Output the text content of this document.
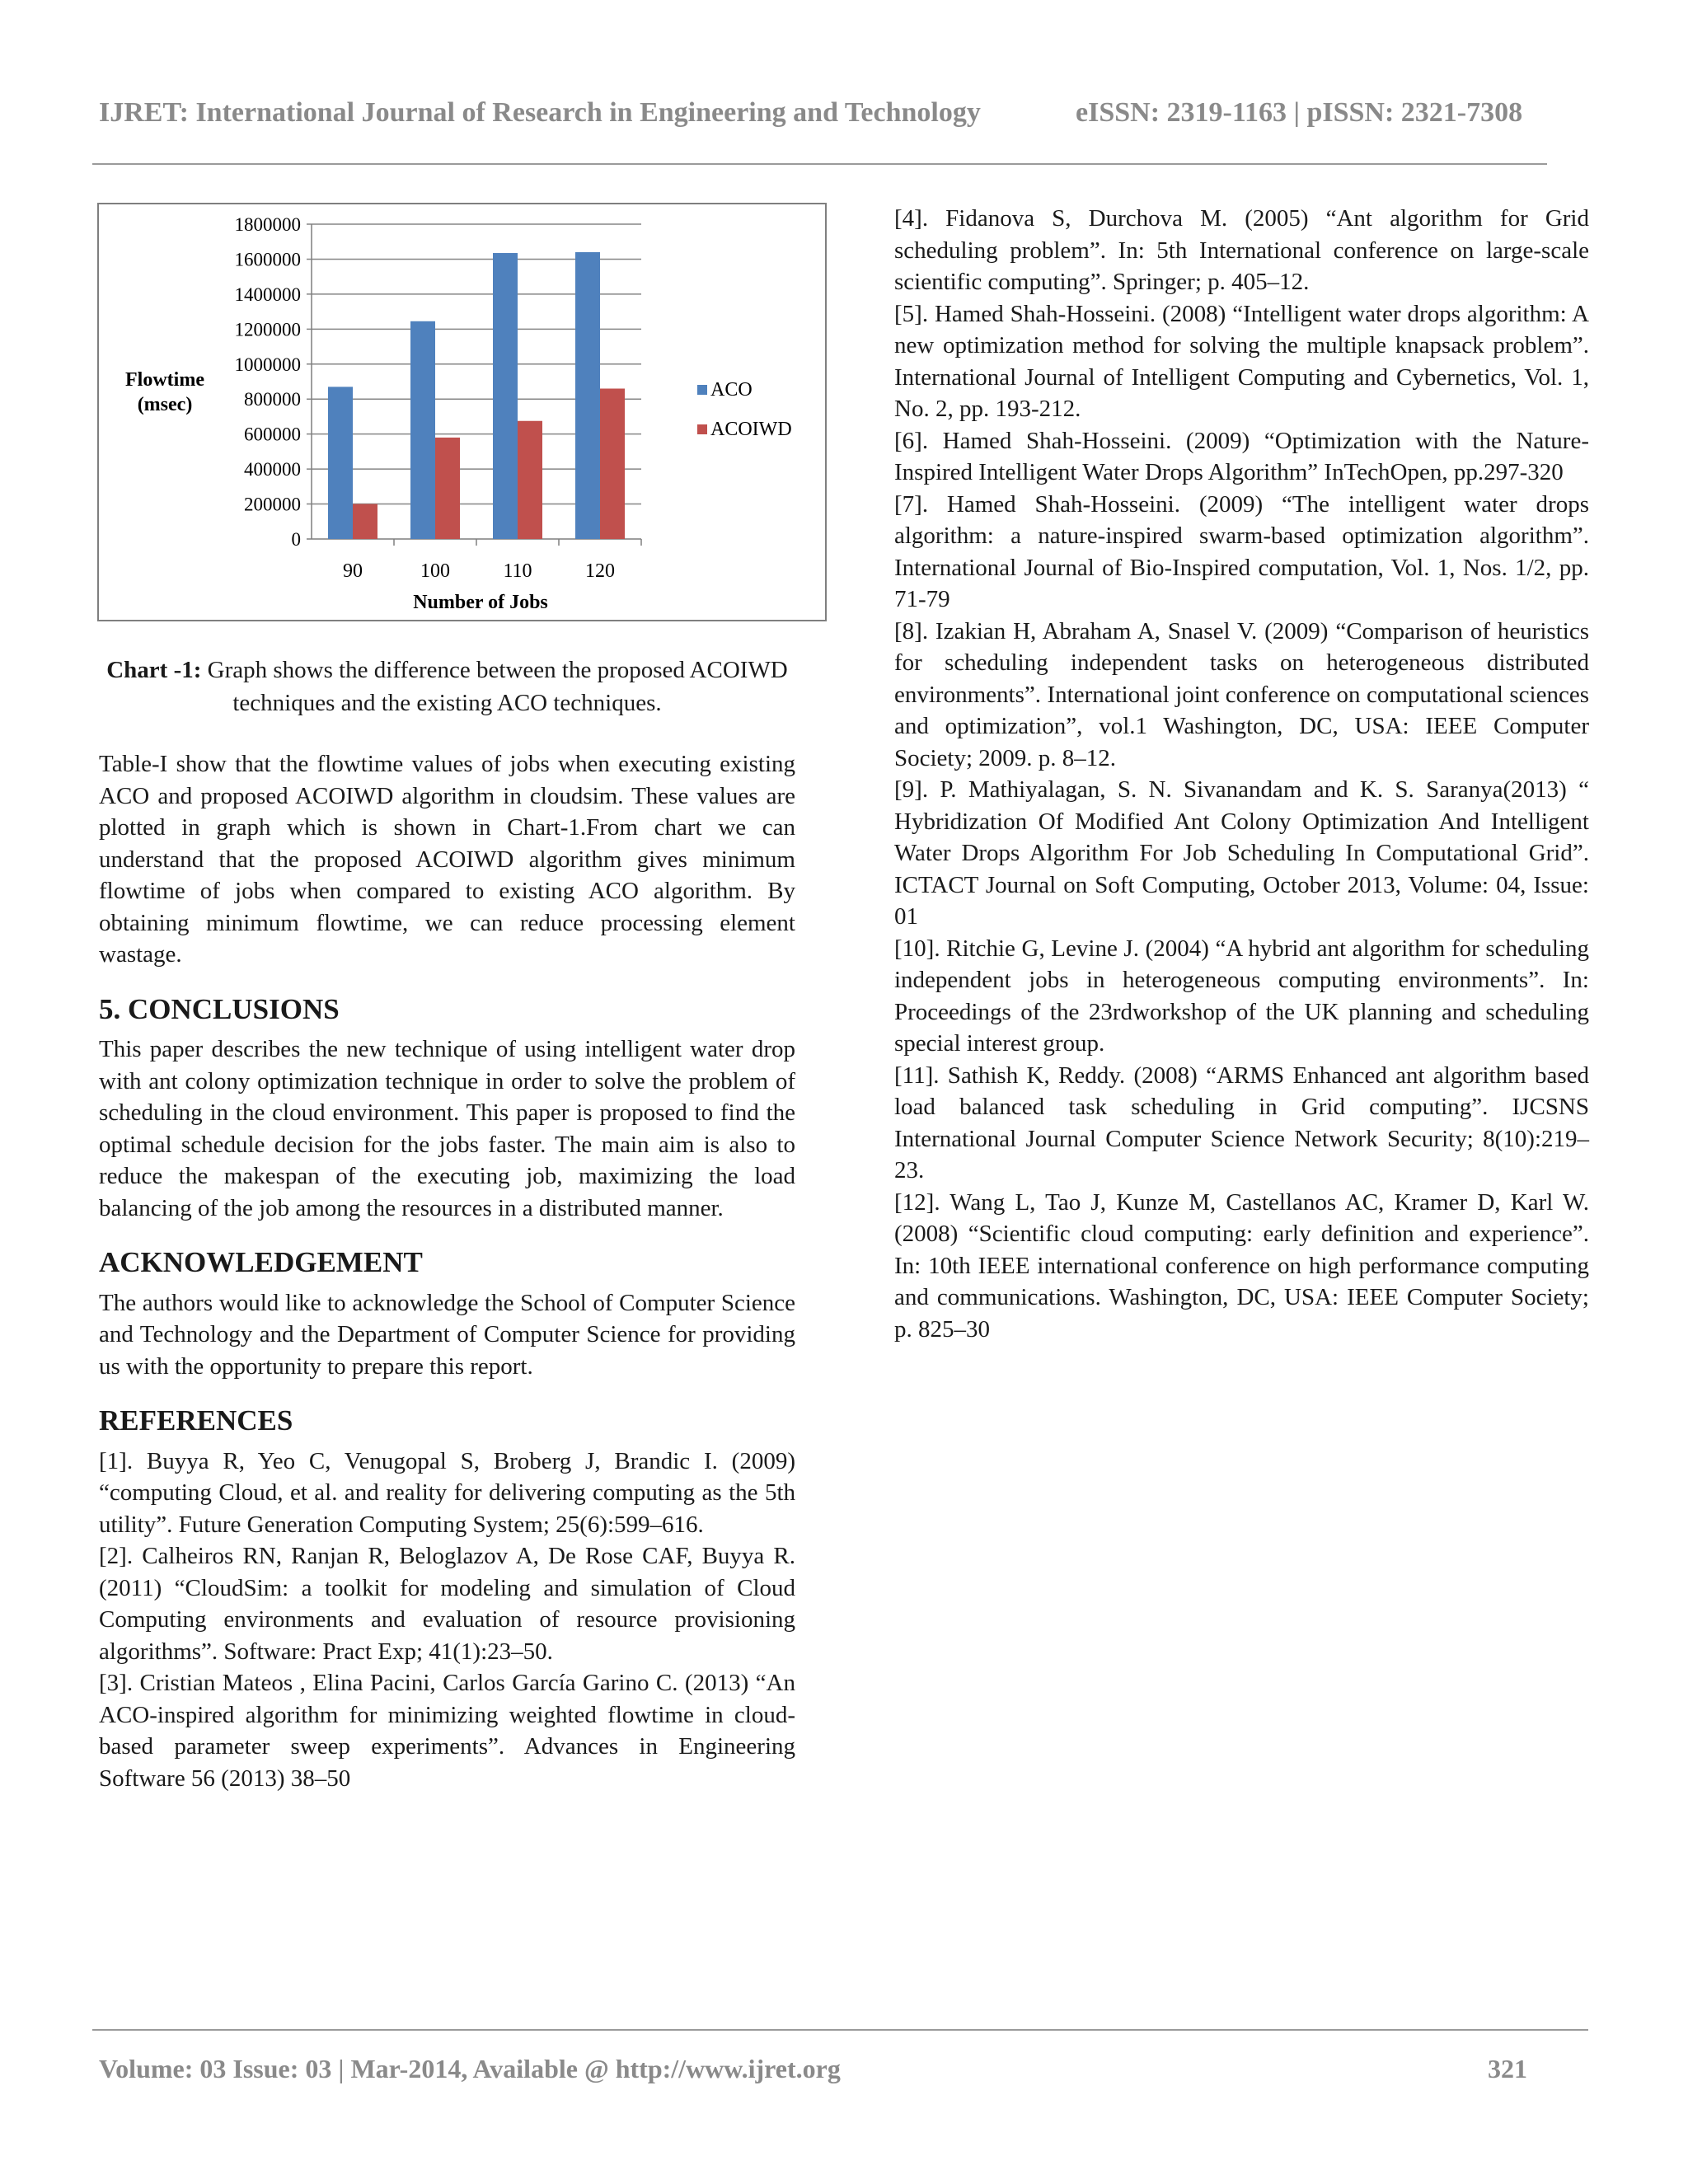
IJRET: International Journal of Research in Engineering and Technology	eISSN: 2319-1163 | pISSN: 2321-7308
0
200000
400000
600000
800000
1000000
1200000
1400000
1600000
1800000
90	100	110	120
Number of Jobs
Flowtime
(msec)
ACO
ACOIWD
Chart -1: Graph shows the difference between the proposed ACOIWD techniques and the existing ACO techniques.

Table-I show that the flowtime values of jobs when executing existing ACO and proposed ACOIWD algorithm in cloudsim. These values are plotted in graph which is shown in Chart-1.From chart we can understand that the proposed ACOIWD algorithm gives minimum flowtime of jobs when compared to existing ACO algorithm. By obtaining minimum flowtime, we can reduce processing element wastage.

5. CONCLUSIONS

This paper describes the new technique of using intelligent water drop with ant colony optimization technique in order to solve the problem of scheduling in the cloud environment. This paper is proposed to find the optimal schedule decision for the jobs faster. The main aim is also to reduce the makespan of the executing job, maximizing the load balancing of the job among the resources in a distributed manner.

ACKNOWLEDGEMENT

The authors would like to acknowledge the School of Computer Science and Technology and the Department of Computer Science for providing us with the opportunity to prepare this report.

REFERENCES

[1]. Buyya R, Yeo C, Venugopal S, Broberg J, Brandic I. (2009) “computing Cloud, et al. and reality for delivering computing as the 5th utility”. Future Generation Computing System; 25(6):599–616.

[2]. Calheiros RN, Ranjan R, Beloglazov A, De Rose CAF, Buyya R. (2011) “CloudSim: a toolkit for modeling and simulation of Cloud Computing environments and evaluation of resource provisioning algorithms”. Software: Pract Exp; 41(1):23–50.

[3]. Cristian Mateos , Elina Pacini, Carlos García Garino C. (2013) “An ACO-inspired algorithm for minimizing weighted flowtime in cloud-based parameter sweep experiments”. Advances in Engineering Software 56 (2013) 38–50

[4]. Fidanova S, Durchova M. (2005) “Ant algorithm for Grid scheduling problem”. In: 5th International conference on large-scale scientific computing”. Springer; p. 405–12.

[5]. Hamed Shah-Hosseini. (2008) “Intelligent water drops algorithm: A new optimization method for solving the multiple knapsack problem”. International Journal of Intelligent Computing and Cybernetics, Vol. 1, No. 2, pp. 193-212.

[6]. Hamed Shah-Hosseini. (2009) “Optimization with the Nature-Inspired Intelligent Water Drops Algorithm” InTechOpen, pp.297-320

[7]. Hamed Shah-Hosseini. (2009) “The intelligent water drops algorithm: a nature-inspired swarm-based optimization algorithm”. International Journal of Bio-Inspired computation, Vol. 1, Nos. 1/2, pp. 71-79

[8]. Izakian H, Abraham A, Snasel V. (2009) “Comparison of heuristics for scheduling independent tasks on heterogeneous distributed environments”. International joint conference on computational sciences and optimization”, vol.1 Washington, DC, USA: IEEE Computer Society; 2009. p. 8–12.

[9]. P. Mathiyalagan, S. N. Sivanandam and K. S. Saranya(2013) “ Hybridization Of Modified Ant Colony Optimization And Intelligent Water Drops Algorithm For Job Scheduling In Computational Grid”. ICTACT Journal on Soft Computing, October 2013, Volume: 04, Issue: 01

[10]. Ritchie G, Levine J. (2004) “A hybrid ant algorithm for scheduling independent jobs in heterogeneous computing environments”. In: Proceedings of the 23rdworkshop of the UK planning and scheduling special interest group.

[11]. Sathish K, Reddy. (2008) “ARMS Enhanced ant algorithm based load balanced task scheduling in Grid computing”. IJCSNS International Journal Computer Science Network Security; 8(10):219–23.

[12]. Wang L, Tao J, Kunze M, Castellanos AC, Kramer D, Karl W. (2008) “Scientific cloud computing: early definition and experience”. In: 10th IEEE international conference on high performance computing and communications. Washington, DC, USA: IEEE Computer Society; p. 825–30

Volume: 03 Issue: 03 | Mar-2014, Available @ http://www.ijret.org	321
